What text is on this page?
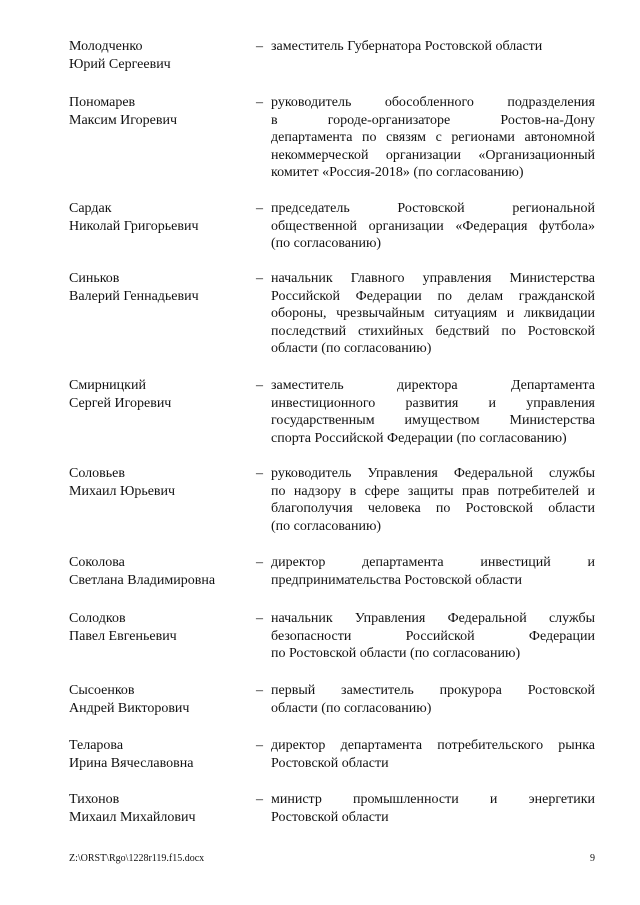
Молодченко
Юрий Сергеевич
– заместитель Губернатора Ростовской области
Пономарев
Максим Игоревич
– руководитель обособленного подразделения
в городе-организаторе Ростов-на-Дону
департамента по связям с регионами автономной
некоммерческой организации «Организационный
комитет «Россия-2018» (по согласованию)
Сардак
Николай Григорьевич
– председатель Ростовской региональной
общественной организации «Федерация футбола»
(по согласованию)
Синьков
Валерий Геннадьевич
– начальник Главного управления Министерства
Российской Федерации по делам гражданской
обороны, чрезвычайным ситуациям и ликвидации
последствий стихийных бедствий по Ростовской
области (по согласованию)
Смирницкий
Сергей Игоревич
– заместитель директора Департамента
инвестиционного развития и управления
государственным имуществом Министерства
спорта Российской Федерации (по согласованию)
Соловьев
Михаил Юрьевич
– руководитель Управления Федеральной службы
по надзору в сфере защиты прав потребителей и
благополучия человека по Ростовской области
(по согласованию)
Соколова
Светлана Владимировна
– директор департамента инвестиций и
предпринимательства Ростовской области
Солодков
Павел Евгеньевич
– начальник Управления Федеральной службы
безопасности Российской Федерации
по Ростовской области (по согласованию)
Сысоенков
Андрей Викторович
– первый заместитель прокурора Ростовской
области (по согласованию)
Теларова
Ирина Вячеславовна
– директор департамента потребительского рынка
Ростовской области
Тихонов
Михаил Михайлович
– министр промышленности и энергетики
Ростовской области
Z:\ORST\Rgo\1228r119.f15.docx	9
